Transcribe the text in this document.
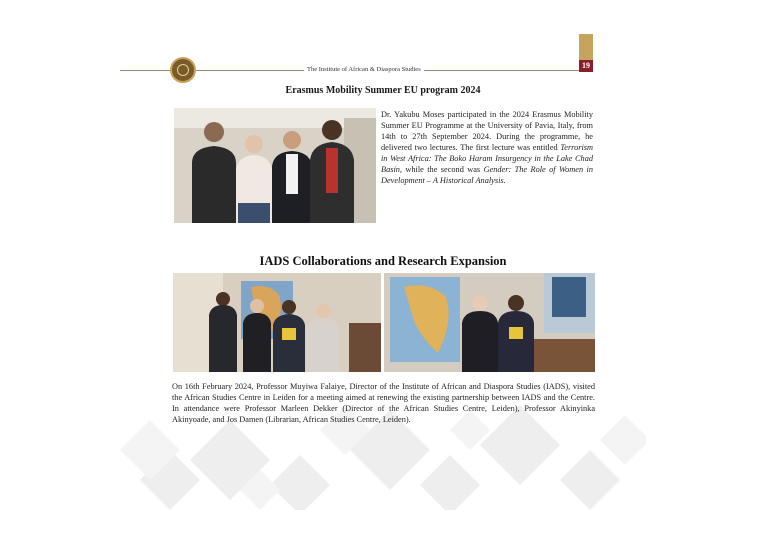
The Institute of African & Diaspora Studies	19
Erasmus Mobility Summer EU program 2024
Dr. Yakubu Moses participated in the 2024 Erasmus Mobility Summer EU Programme at the University of Pavia, Italy, from 14th to 27th September 2024. During the programme, he delivered two lectures. The first lecture was entitled Terrorism in West Africa: The Boko Haram Insurgency in the Lake Chad Basin, while the second was Gender: The Role of Women in Development – A Historical Analysis.
IADS Collaborations and Research Expansion
On 16th February 2024, Professor Muyiwa Falaiye, Director of the Institute of African and Diaspora Studies (IADS), visited the African Studies Centre in Leiden for a meeting aimed at renewing the existing partnership between IADS and the Centre. In attendance were Professor Marleen Dekker (Director of the African Studies Centre, Leiden), Professor Akinyinka Akinyoade, and Jos Damen (Librarian, African Studies Centre, Leiden).
